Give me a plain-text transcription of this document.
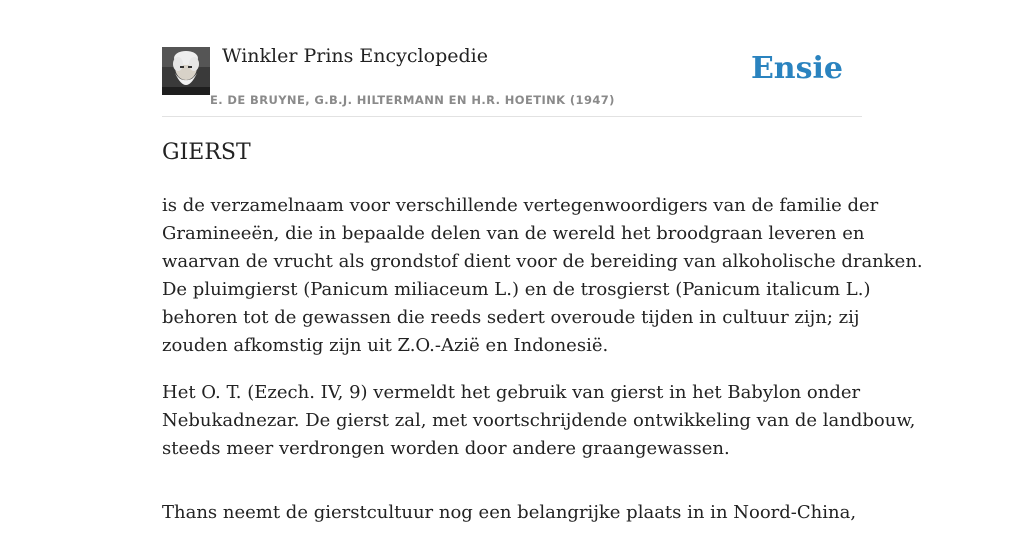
Winkler Prins Encyclopedie
E. DE BRUYNE, G.B.J. HILTERMANN EN H.R. HOETINK (1947)
Ensie
GIERST

is de verzamelnaam voor verschillende vertegenwoordigers van de familie der
Gramineeën, die in bepaalde delen van de wereld het broodgraan leveren en
waarvan de vrucht als grondstof dient voor de bereiding van alkoholische dranken.
De pluimgierst (Panicum miliaceum L.) en de trosgierst (Panicum italicum L.)
behoren tot de gewassen die reeds sedert overoude tijden in cultuur zijn; zij
zouden afkomstig zijn uit Z.O.-Azië en Indonesië.

Het O. T. (Ezech. IV, 9) vermeldt het gebruik van gierst in het Babylon onder
Nebukadnezar. De gierst zal, met voortschrijdende ontwikkeling van de landbouw,
steeds meer verdrongen worden door andere graangewassen.

Thans neemt de gierstcultuur nog een belangrijke plaats in in Noord-China,
